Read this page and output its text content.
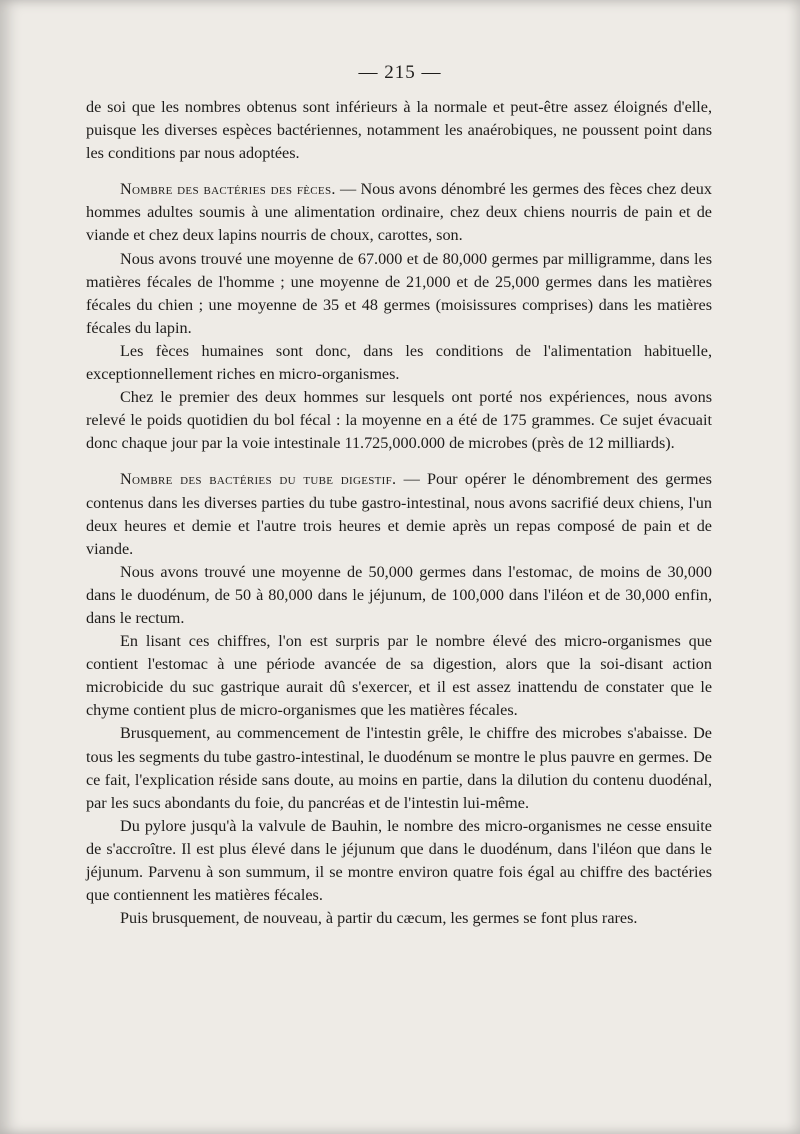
— 215 —

de soi que les nombres obtenus sont inférieurs à la normale et peut-être assez éloignés d'elle, puisque les diverses espèces bactériennes, notamment les anaérobiques, ne poussent point dans les conditions par nous adoptées.

Nombre des bactéries des fèces. — Nous avons dénombré les germes des fèces chez deux hommes adultes soumis à une alimentation ordinaire, chez deux chiens nourris de pain et de viande et chez deux lapins nourris de choux, carottes, son.

Nous avons trouvé une moyenne de 67.000 et de 80,000 germes par milligramme, dans les matières fécales de l'homme ; une moyenne de 21,000 et de 25,000 germes dans les matières fécales du chien ; une moyenne de 35 et 48 germes (moisissures comprises) dans les matières fécales du lapin.

Les fèces humaines sont donc, dans les conditions de l'alimentation habituelle, exceptionnellement riches en micro-organismes.

Chez le premier des deux hommes sur lesquels ont porté nos expériences, nous avons relevé le poids quotidien du bol fécal : la moyenne en a été de 175 grammes. Ce sujet évacuait donc chaque jour par la voie intestinale 11.725,000.000 de microbes (près de 12 milliards).

Nombre des bactéries du tube digestif. — Pour opérer le dénombrement des germes contenus dans les diverses parties du tube gastro-intestinal, nous avons sacrifié deux chiens, l'un deux heures et demie et l'autre trois heures et demie après un repas composé de pain et de viande.

Nous avons trouvé une moyenne de 50,000 germes dans l'estomac, de moins de 30,000 dans le duodénum, de 50 à 80,000 dans le jéjunum, de 100,000 dans l'iléon et de 30,000 enfin, dans le rectum.

En lisant ces chiffres, l'on est surpris par le nombre élevé des micro-organismes que contient l'estomac à une période avancée de sa digestion, alors que la soi-disant action microbicide du suc gastrique aurait dû s'exercer, et il est assez inattendu de constater que le chyme contient plus de micro-organismes que les matières fécales.

Brusquement, au commencement de l'intestin grêle, le chiffre des microbes s'abaisse. De tous les segments du tube gastro-intestinal, le duodénum se montre le plus pauvre en germes. De ce fait, l'explication réside sans doute, au moins en partie, dans la dilution du contenu duodénal, par les sucs abondants du foie, du pancréas et de l'intestin lui-même.

Du pylore jusqu'à la valvule de Bauhin, le nombre des micro-organismes ne cesse ensuite de s'accroître. Il est plus élevé dans le jéjunum que dans le duodénum, dans l'iléon que dans le jéjunum. Parvenu à son summum, il se montre environ quatre fois égal au chiffre des bactéries que contiennent les matières fécales.

Puis brusquement, de nouveau, à partir du cæcum, les germes se font plus rares.
